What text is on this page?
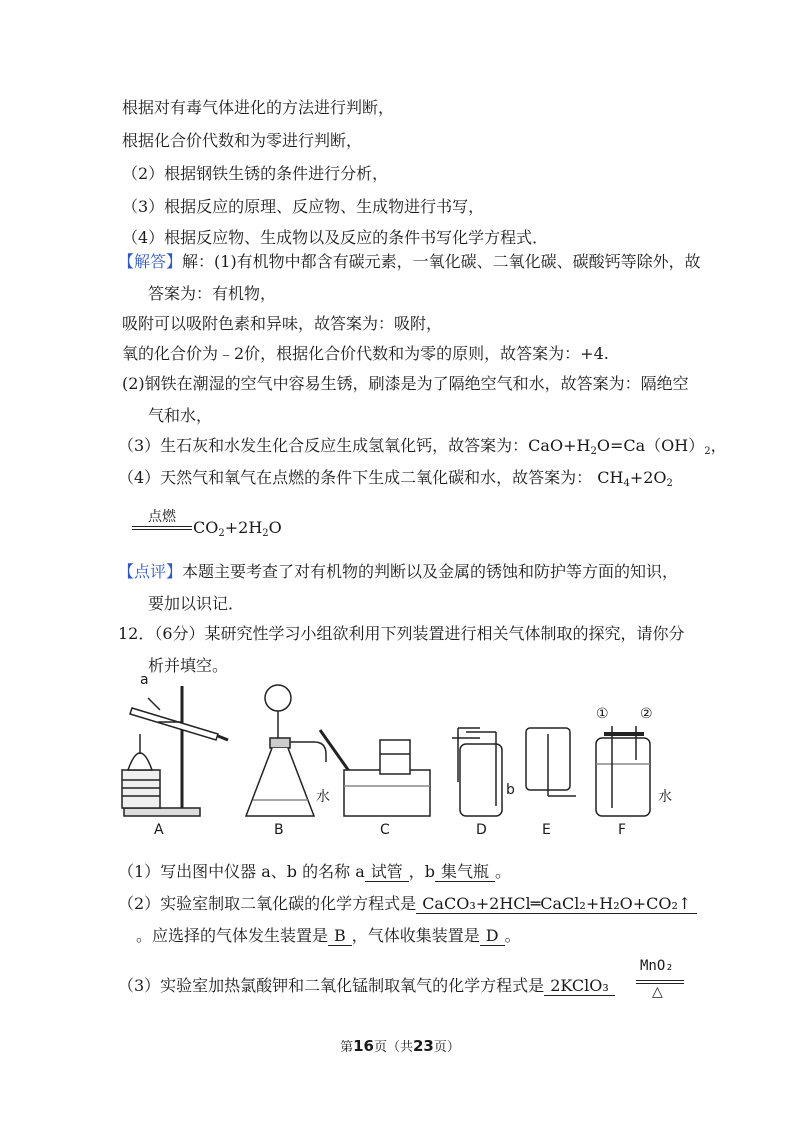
根据对有毒气体进化的方法进行判断，
根据化合价代数和为零进行判断，
（2）根据钢铁生锈的条件进行分析，
（3）根据反应的原理、反应物、生成物进行书写，
（4）根据反应物、生成物以及反应的条件书写化学方程式．
【解答】解：(1)有机物中都含有碳元素，一氧化碳、二氧化碳、碳酸钙等除外，故
答案为：有机物，
吸附可以吸附色素和异味，故答案为：吸附，
氧的化合价为﹣2价，根据化合价代数和为零的原则，故答案为：+4.
(2)钢铁在潮湿的空气中容易生锈，刷漆是为了隔绝空气和水，故答案为：隔绝空
气和水，
（3）生石灰和水发生化合反应生成氢氧化钙，故答案为：$CaO+H_2O=Ca(OH)_2$，
（4）天然气和氧气在点燃的条件下生成二氧化碳和水，故答案为： $CH_4+2O_2$
点燃
$CO_2+2H_2O$
【点评】本题主要考查了对有机物的判断以及金属的锈蚀和防护等方面的知识，
要加以识记．
12．（6分）某研究性学习小组欲利用下列装置进行相关气体制取的探究，请你分
析并填空。
a
b
水	水
① ②
A	B	C	D	E	F
（1）写出图中仪器 a、b 的名称 a 试管 ，b 集气瓶 。
（2）实验室制取二氧化碳的化学方程式是 CaCO₃+2HCl═CaCl₂+H₂O+CO₂↑
。应选择的气体发生装置是 B ，气体收集装置是 D 。
（3）实验室加热氯酸钾和二氧化锰制取氧气的化学方程式是 2KClO₃
MnO₂
△
第16页（共23页）
